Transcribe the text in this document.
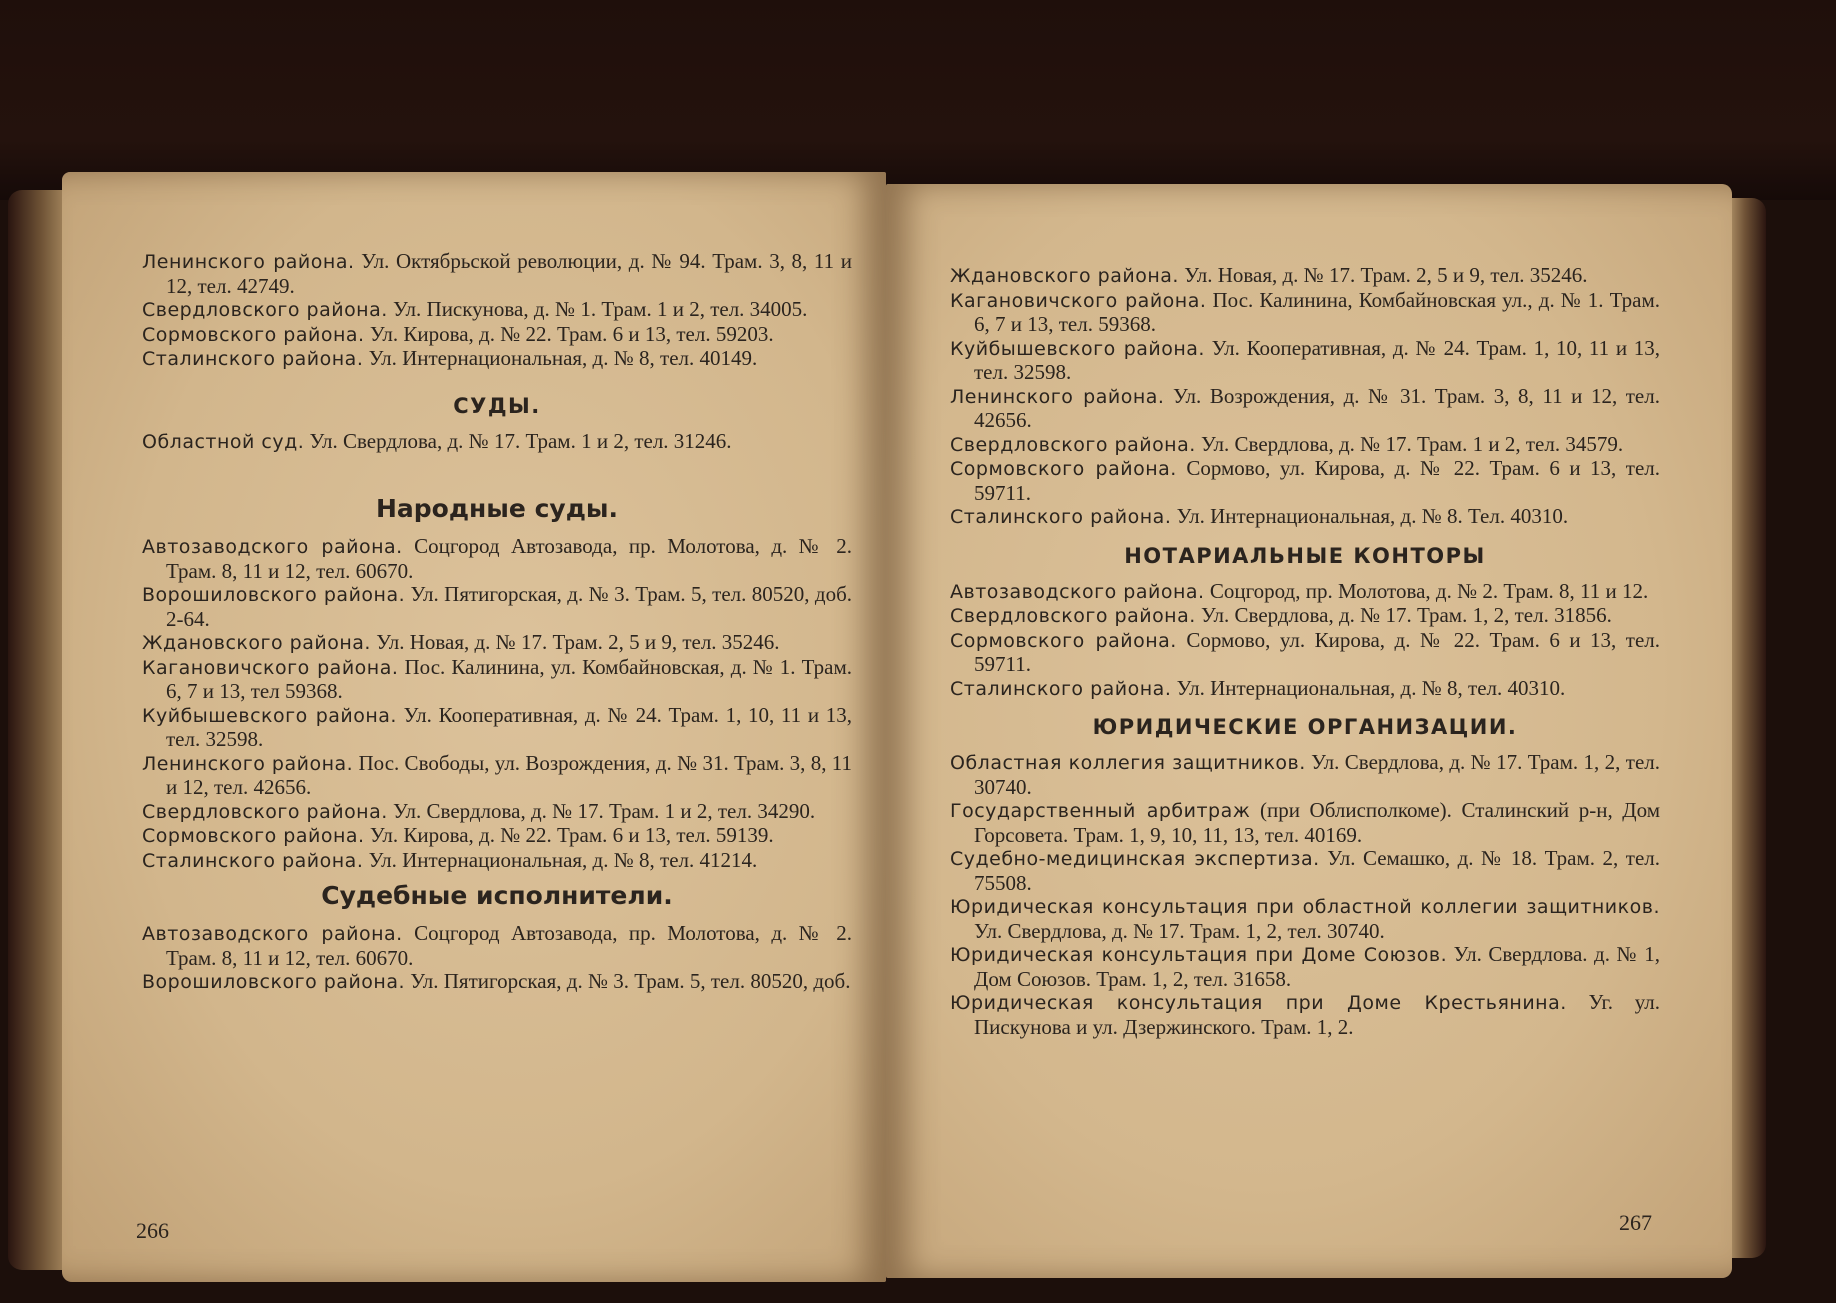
Ленинского района. Ул. Октябрьской революции, д. № 94. Трам. 3, 8, 11 и 12, тел. 42749.

Свердловского района. Ул. Пискунова, д. № 1. Трам. 1 и 2, тел. 34005.

Сормовского района. Ул. Кирова, д. № 22. Трам. 6 и 13, тел. 59203.

Сталинского района. Ул. Интернациональная, д. № 8, тел. 40149.

СУДЫ.

Областной суд. Ул. Свердлова, д. № 17. Трам. 1 и 2, тел. 31246.

Народные суды.

Автозаводского района. Соцгород Автозавода, пр. Молотова, д. № 2. Трам. 8, 11 и 12, тел. 60670.

Ворошиловского района. Ул. Пятигорская, д. № 3. Трам. 5, тел. 80520, доб. 2-64.

Ждановского района. Ул. Новая, д. № 17. Трам. 2, 5 и 9, тел. 35246.

Кагановичского района. Пос. Калинина, ул. Комбайновская, д. № 1. Трам. 6, 7 и 13, тел 59368.

Куйбышевского района. Ул. Кооперативная, д. № 24. Трам. 1, 10, 11 и 13, тел. 32598.

Ленинского района. Пос. Свободы, ул. Возрождения, д. № 31. Трам. 3, 8, 11 и 12, тел. 42656.

Свердловского района. Ул. Свердлова, д. № 17. Трам. 1 и 2, тел. 34290.

Сормовского района. Ул. Кирова, д. № 22. Трам. 6 и 13, тел. 59139.

Сталинского района. Ул. Интернациональная, д. № 8, тел. 41214.

Судебные исполнители.

Автозаводского района. Соцгород Автозавода, пр. Молотова, д. № 2. Трам. 8, 11 и 12, тел. 60670.

Ворошиловского района. Ул. Пятигорская, д. № 3. Трам. 5, тел. 80520, доб.

266

Ждановского района. Ул. Новая, д. № 17. Трам. 2, 5 и 9, тел. 35246.

Кагановичского района. Пос. Калинина, Комбайновская ул., д. № 1. Трам. 6, 7 и 13, тел. 59368.

Куйбышевского района. Ул. Кооперативная, д. № 24. Трам. 1, 10, 11 и 13, тел. 32598.

Ленинского района. Ул. Возрождения, д. № 31. Трам. 3, 8, 11 и 12, тел. 42656.

Свердловского района. Ул. Свердлова, д. № 17. Трам. 1 и 2, тел. 34579.

Сормовского района. Сормово, ул. Кирова, д. № 22. Трам. 6 и 13, тел. 59711.

Сталинского района. Ул. Интернациональная, д. № 8. Тел. 40310.

НОТАРИАЛЬНЫЕ КОНТОРЫ

Автозаводского района. Соцгород, пр. Молотова, д. № 2. Трам. 8, 11 и 12.

Свердловского района. Ул. Свердлова, д. № 17. Трам. 1, 2, тел. 31856.

Сормовского района. Сормово, ул. Кирова, д. № 22. Трам. 6 и 13, тел. 59711.

Сталинского района. Ул. Интернациональная, д. № 8, тел. 40310.

ЮРИДИЧЕСКИЕ ОРГАНИЗАЦИИ.

Областная коллегия защитников. Ул. Свердлова, д. № 17. Трам. 1, 2, тел. 30740.

Государственный арбитраж (при Облисполкоме). Сталинский р-н, Дом Горсовета. Трам. 1, 9, 10, 11, 13, тел. 40169.

Судебно-медицинская экспертиза. Ул. Семашко, д. № 18. Трам. 2, тел. 75508.

Юридическая консультация при областной коллегии защитников. Ул. Свердлова, д. № 17. Трам. 1, 2, тел. 30740.

Юридическая консультация при Доме Союзов. Ул. Свердлова. д. № 1, Дом Союзов. Трам. 1, 2, тел. 31658.

Юридическая консультация при Доме Крестьянина. Уг. ул. Пискунова и ул. Дзержинского. Трам. 1, 2.

267
